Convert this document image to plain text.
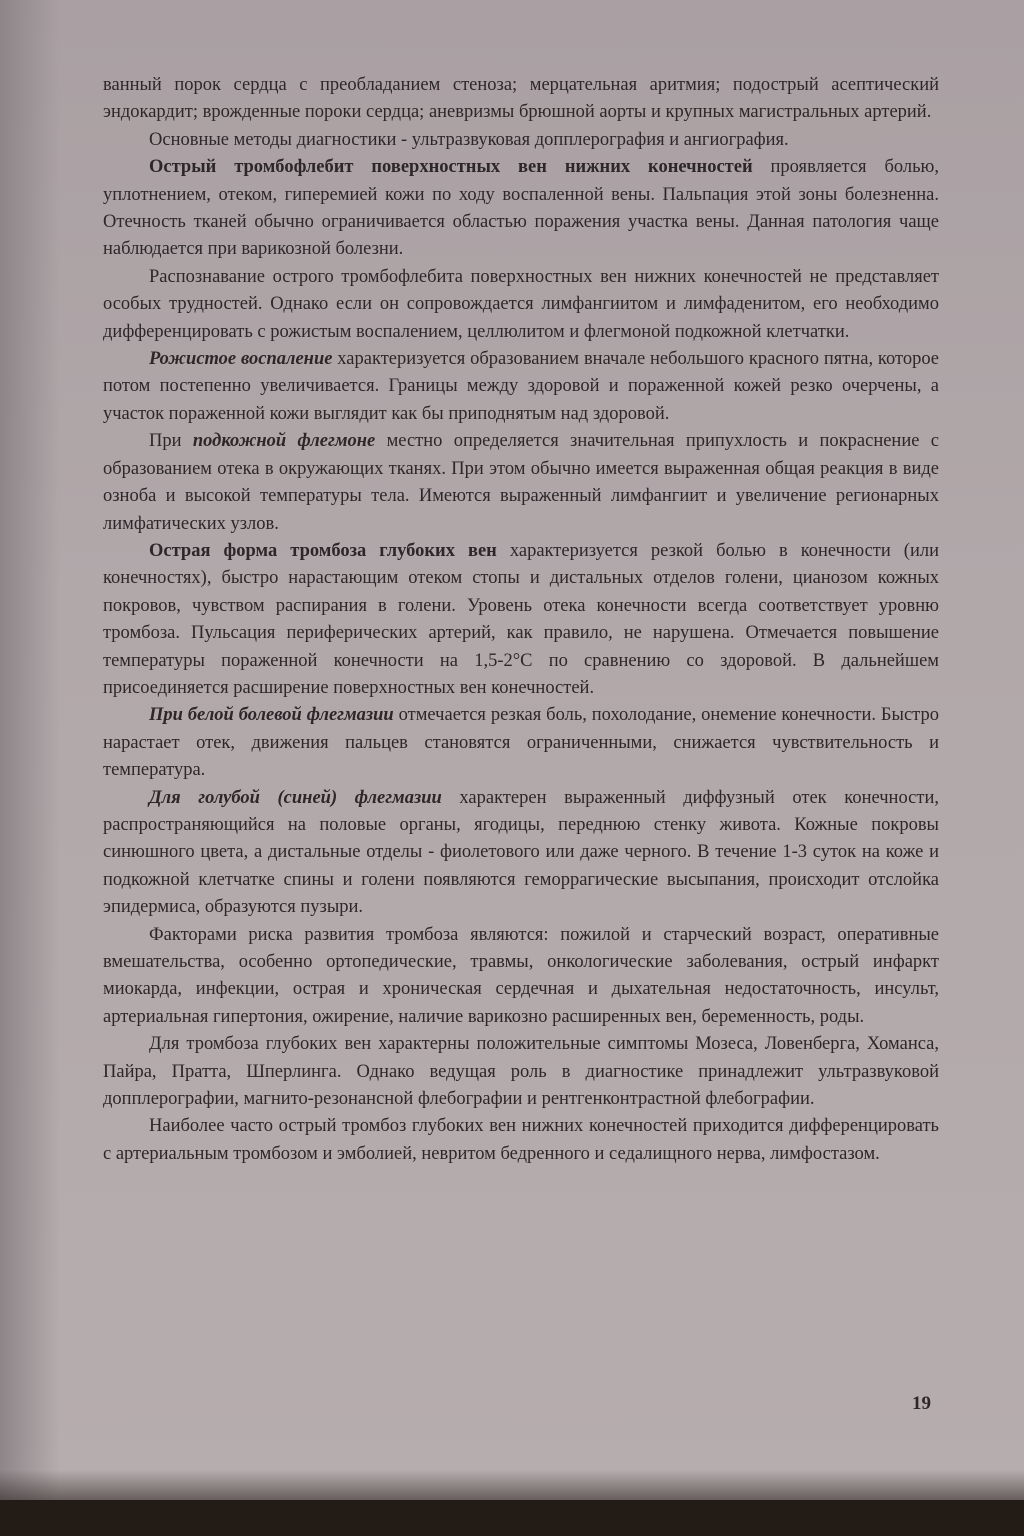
ванный порок сердца с преобладанием стеноза; мерцательная аритмия; подострый асептический эндокардит; врожденные пороки сердца; аневризмы брюшной аорты и крупных магистральных артерий.

Основные методы диагностики - ультразвуковая допплерография и ангиография.

Острый тромбофлебит поверхностных вен нижних конечностей проявляется болью, уплотнением, отеком, гиперемией кожи по ходу воспаленной вены. Пальпация этой зоны болезненна. Отечность тканей обычно ограничивается областью поражения участка вены. Данная патология чаще наблюдается при варикозной болезни.

Распознавание острого тромбофлебита поверхностных вен нижних конечностей не представляет особых трудностей. Однако если он сопровождается лимфангиитом и лимфаденитом, его необходимо дифференцировать с рожистым воспалением, целлюлитом и флегмоной подкожной клетчатки.

Рожистое воспаление характеризуется образованием вначале небольшого красного пятна, которое потом постепенно увеличивается. Границы между здоровой и пораженной кожей резко очерчены, а участок пораженной кожи выглядит как бы приподнятым над здоровой.

При подкожной флегмоне местно определяется значительная припухлость и покраснение с образованием отека в окружающих тканях. При этом обычно имеется выраженная общая реакция в виде озноба и высокой температуры тела. Имеются выраженный лимфангиит и увеличение регионарных лимфатических узлов.

Острая форма тромбоза глубоких вен характеризуется резкой болью в конечности (или конечностях), быстро нарастающим отеком стопы и дистальных отделов голени, цианозом кожных покровов, чувством распирания в голени. Уровень отека конечности всегда соответствует уровню тромбоза. Пульсация периферических артерий, как правило, не нарушена. Отмечается повышение температуры пораженной конечности на 1,5-2°C по сравнению со здоровой. В дальнейшем присоединяется расширение поверхностных вен конечностей.

При белой болевой флегмазии отмечается резкая боль, похолодание, онемение конечности. Быстро нарастает отек, движения пальцев становятся ограниченными, снижается чувствительность и температура.

Для голубой (синей) флегмазии характерен выраженный диффузный отек конечности, распространяющийся на половые органы, ягодицы, переднюю стенку живота. Кожные покровы синюшного цвета, а дистальные отделы - фиолетового или даже черного. В течение 1-3 суток на коже и подкожной клетчатке спины и голени появляются геморрагические высыпания, происходит отслойка эпидермиса, образуются пузыри.

Факторами риска развития тромбоза являются: пожилой и старческий возраст, оперативные вмешательства, особенно ортопедические, травмы, онкологические заболевания, острый инфаркт миокарда, инфекции, острая и хроническая сердечная и дыхательная недостаточность, инсульт, артериальная гипертония, ожирение, наличие варикозно расширенных вен, беременность, роды.

Для тромбоза глубоких вен характерны положительные симптомы Мозеса, Ловенберга, Хоманса, Пайра, Пратта, Шперлинга. Однако ведущая роль в диагностике принадлежит ультразвуковой допплерографии, магнито-резонансной флебографии и рентгенконтрастной флебографии.

Наиболее часто острый тромбоз глубоких вен нижних конечностей приходится дифференцировать с артериальным тромбозом и эмболией, невритом бедренного и седалищного нерва, лимфостазом.

19
